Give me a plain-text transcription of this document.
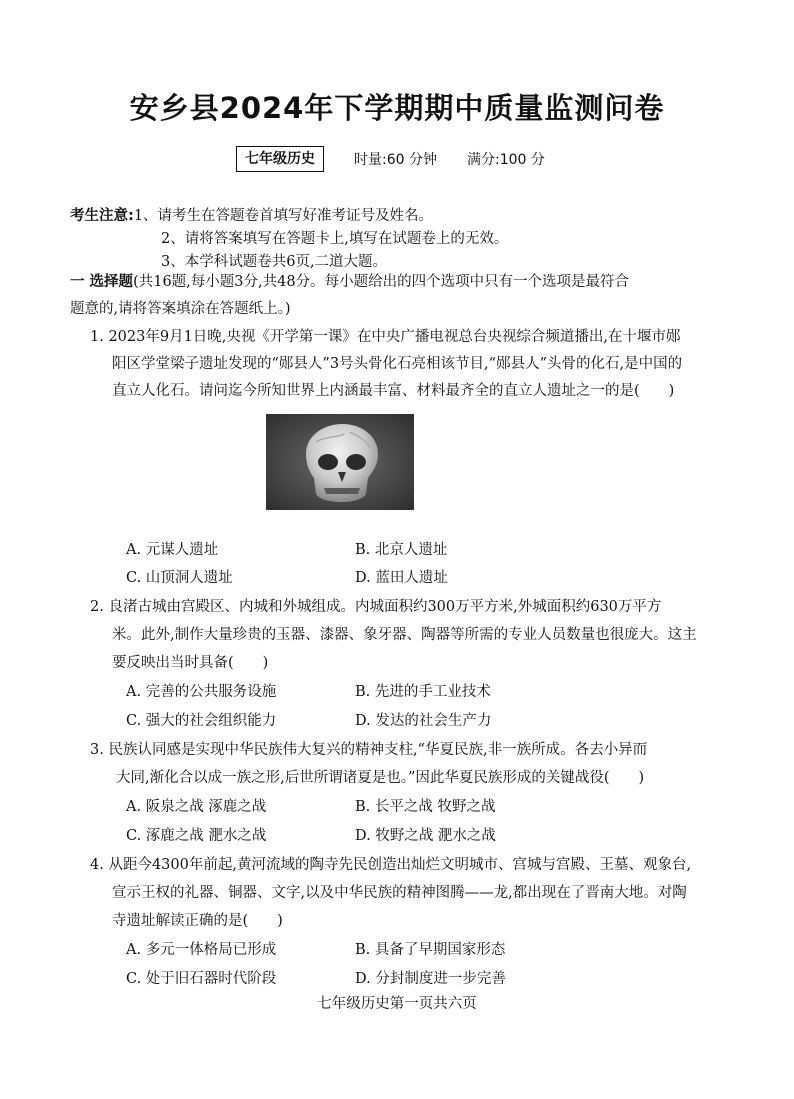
安乡县2024年下学期期中质量监测问卷
七年级历史	时量:60 分钟 满分:100 分
考生注意:1、请考生在答题卷首填写好准考证号及姓名。
2、请将答案填写在答题卡上,填写在试题卷上的无效。
3、本学科试题卷共6页,二道大题。
一 选择题(共16题,每小题3分,共48分。每小题给出的四个选项中只有一个选项是最符合
题意的,请将答案填涂在答题纸上。)
1. 2023年9月1日晚,央视《开学第一课》在中央广播电视总台央视综合频道播出,在十堰市郧
阳区学堂梁子遗址发现的“郧县人”3号头骨化石亮相该节目,“郧县人”头骨的化石,是中国的
直立人化石。请问迄今所知世界上内涵最丰富、材料最齐全的直立人遗址之一的是(　　)
A. 元谋人遗址	B. 北京人遗址
C. 山顶洞人遗址	D. 蓝田人遗址
2. 良渚古城由宫殿区、内城和外城组成。内城面积约300万平方米,外城面积约630万平方
米。此外,制作大量珍贵的玉器、漆器、象牙器、陶器等所需的专业人员数量也很庞大。这主
要反映出当时具备(　　)
A. 完善的公共服务设施	B. 先进的手工业技术
C. 强大的社会组织能力	D. 发达的社会生产力
3. 民族认同感是实现中华民族伟大复兴的精神支柱,“华夏民族,非一族所成。各去小异而
大同,渐化合以成一族之形,后世所谓诸夏是也。”因此华夏民族形成的关键战役(　　)
A. 阪泉之战 涿鹿之战	B. 长平之战 牧野之战
C. 涿鹿之战 淝水之战	D. 牧野之战 淝水之战
4. 从距今4300年前起,黄河流域的陶寺先民创造出灿烂文明城市、宫城与宫殿、王墓、观象台,
宣示王权的礼器、铜器、文字,以及中华民族的精神图腾——龙,都出现在了晋南大地。对陶
寺遗址解读正确的是(　　)
A. 多元一体格局已形成	B. 具备了早期国家形态
C. 处于旧石器时代阶段	D. 分封制度进一步完善
七年级历史第一页共六页
